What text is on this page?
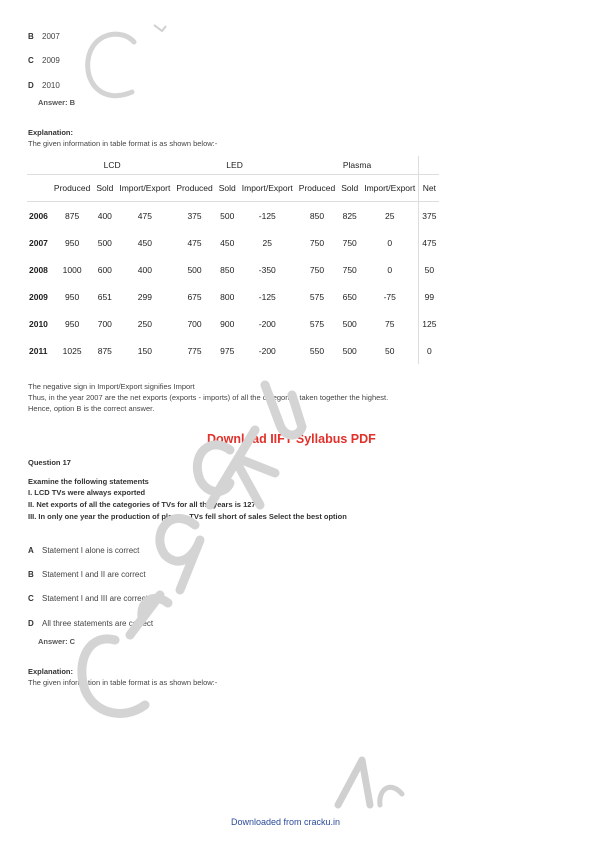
B 2007
C 2009
D 2010
Answer: B
Explanation:
The given information in table format is as shown below:-
	LCD			LED			Plasma			
	Produced	Sold	Import/Export	Produced	Sold	Import/Export	Produced	Sold	Import/Export	Net
2006	875	400	475	375	500	-125	850	825	25	375
2007	950	500	450	475	450	25	750	750	0	475
2008	1000	600	400	500	850	-350	750	750	0	50
2009	950	651	299	675	800	-125	575	650	-75	99
2010	950	700	250	700	900	-200	575	500	75	125
2011	1025	875	150	775	975	-200	550	500	50	0
The negative sign in Import/Export signifies Import
Thus, in the year 2007 are the net exports (exports - imports) of all the categories taken together the highest.
Hence, option B is the correct answer.
Download IIFT Syllabus PDF
Question 17
Examine the following statements
I. LCD TVs were always exported
II. Net exports of all the categories of TVs for all the years is 1275
III. In only one year the production of plasma TVs fell short of sales Select the best option
A Statement I alone is correct
B Statement I and II are correct
C Statement I and III are correct
D All three statements are correct
Answer: C
Explanation:
The given information in table format is as shown below:-
Downloaded from cracku.in
